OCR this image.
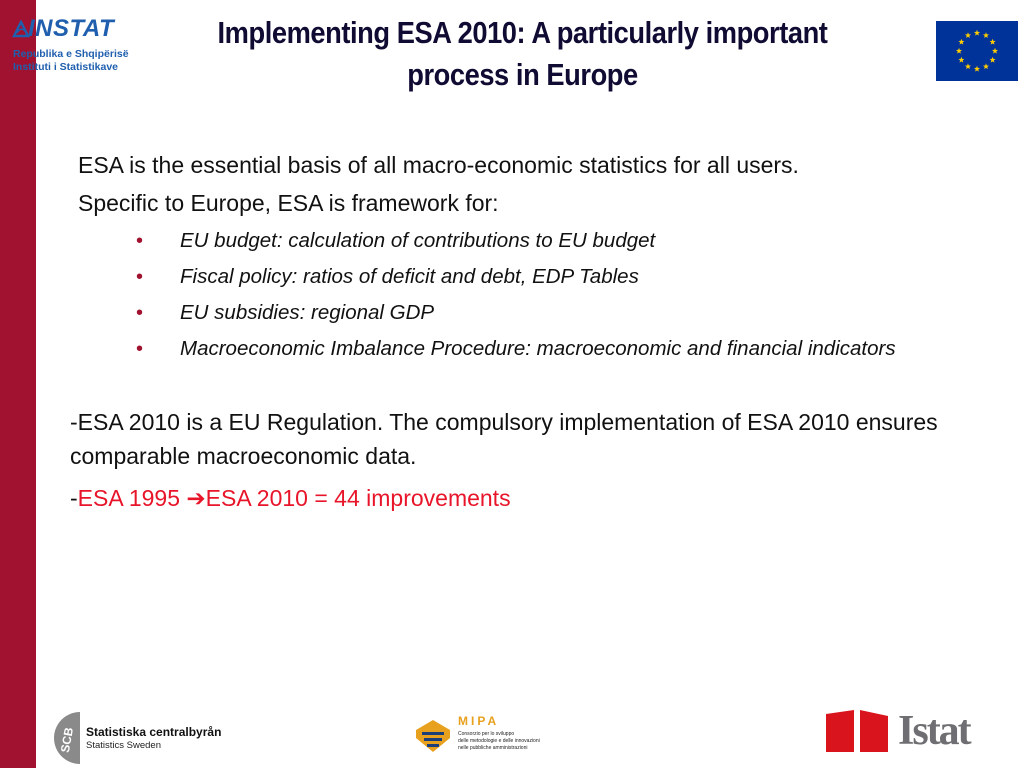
INSTAT
Republika e Shqipërisë
Instituti i Statistikave
Implementing ESA 2010: A particularly important process in Europe
ESA is the essential basis of all macro-economic statistics for all users.
Specific to Europe, ESA is framework for:
• EU budget: calculation of contributions to EU budget
• Fiscal policy: ratios of deficit and debt, EDP Tables
• EU subsidies: regional GDP
• Macroeconomic Imbalance Procedure: macroeconomic and financial indicators
-ESA 2010 is a EU Regulation. The compulsory implementation of ESA 2010 ensures comparable macroeconomic data.
-ESA 1995 ➔ESA 2010 = 44 improvements
SCB Statistiska centralbyrån
Statistics Sweden
MIPA
Consorzio per lo sviluppo
delle metodologie e delle innovazioni
nelle pubbliche amministrazioni	Istat
